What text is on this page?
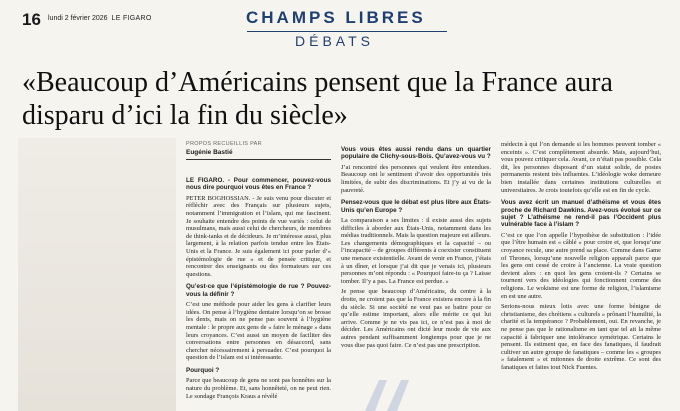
16 lundi 2 février 2026 LE FIGARO	CHAMPS LIBRES
DÉBATS
«Beaucoup d’Américains pensent que la France aura disparu d’ici la fin du siècle»
PROPOS RECUEILLIS PAR
Eugénie Bastié

LE FIGARO. - Pour commencer, pouvez-vous nous dire pourquoi vous êtes en France ?

PETER BOGHOSSIAN. - Je suis venu pour discuter et réfléchir avec des Français sur plusieurs sujets, notamment l’immigration et l’islam, qui me fascinent. Je souhaite entendre des points de vue variés : celui de musulmans, mais aussi celui de chercheurs, de membres de think-tanks et de décideurs. Je m’intéresse aussi, plus largement, à la relation parfois tendue entre les États-Unis et la France. Je suis également ici pour parler d’« épistémologie de rue » et de pensée critique, et rencontrer des enseignants ou des formateurs sur ces questions.

Qu’est-ce que l’épistémologie de rue ? Pouvez-vous la définir ?

C’est une méthode pour aider les gens à clarifier leurs idées. On pense à l’hygiène dentaire lorsqu’on se brosse les dents, mais on ne pense pas souvent à l’hygiène mentale : le propre aux gens de « faire le ménage » dans leurs croyances. C’est aussi un moyen de faciliter des conversations entre personnes en désaccord, sans chercher nécessairement à persuader. C’est pourquoi la question de l’islam est si intéressante.

Pourquoi ?

Parce que beaucoup de gens ne sont pas honnêtes sur la nature du problème. Et, sans honnêteté, on ne peut rien. Le sondage François Kraus a révélé

Vous vous êtes aussi rendu dans un quartier populaire de Clichy-sous-Bois. Qu’avez-vous vu ?

J’ai rencontré des personnes qui veulent être entendues. Beaucoup ont le sentiment d’avoir des opportunités très limitées, de subir des discriminations. Et j’y ai vu de la pauvreté.

Pensez-vous que le débat est plus libre aux États-Unis qu’en Europe ?

La comparaison a ses limites : il existe aussi des sujets difficiles à aborder aux États-Unis, notamment dans les médias traditionnels. Mais la question majeure est ailleurs. Les changements démographiques et la capacité – ou l’incapacité – de groupes différents à coexister constituent une menace existentielle. Avant de venir en France, j’étais à un dîner, et lorsque j’ai dit que je venais ici, plusieurs personnes m’ont répondu : « Pourquoi faire-tu ça ? Laisse tomber. Il’y a pas. La France est perdue. »

Je pense que beaucoup d’Américains, du centre à la droite, ne croient pas que la France existera encore à la fin du siècle. Si une société ne veut pas se battre pour ce qu’elle estime important, alors elle mérite ce qui lui arrive. Comme je ne vis pas ici, ce n’est pas à moi de décider. Les Américains ont dicté leur mode de vie aux autres pendant suffisamment longtemps pour que je ne vous dise pas quoi faire. Ce n’est pas une prescription.

médecin à qui l’on demande si les hommes peuvent tomber « enceints ». C’est complètement absurde. Mais, aujourd’hui, vous pouvez critiquer cela. Avant, ce n’était pas possible. Cela dit, les personnes disposant d’un statut solide, de postes permanents restent très influentes. L’idéologie woke demeure bien installée dans certaines institutions culturelles et universitaires. Je crois toutefois qu’elle est en fin de cycle.

Vous avez écrit un manuel d’athéisme et vous êtes proche de Richard Dawkins. Avez-vous évolué sur ce sujet ? L’athéisme ne rend-il pas l’Occident plus vulnérable face à l’islam ?

C’est ce que l’on appelle l’hypothèse de substitution : l’idée que l’être humain est « câblé » pour croire et, que lorsqu’une croyance recule, une autre prend sa place. Comme dans Game of Thrones, lorsqu’une nouvelle religion apparaît parce que les gens ont cessé de croire à l’ancienne. La vraie question devient alors : en quoi les gens croient-ils ? Certains se tournent vers des idéologies qui fonctionnent comme des religions. Le wokisme est une forme de religion, l’islamisme en est une autre.

Serions-nous mieux lotis avec une forme bénigne de christianisme, des chrétiens « culturels » prônant l’humilité, la charité et la tempérance ? Probablement, oui. En revanche, je ne pense pas que le rationalisme en tant que tel ait la même capacité à fabriquer une intolérance symétrique. Certains le pensent. Ils estiment que, en face des fanatiques, il faudrait cultiver un autre groupe de fanatiques – comme les « groupes » fatalement » et mitonnes de droite extrême. Ce sont des fanatiques et faites tout Nick Fuentes.
